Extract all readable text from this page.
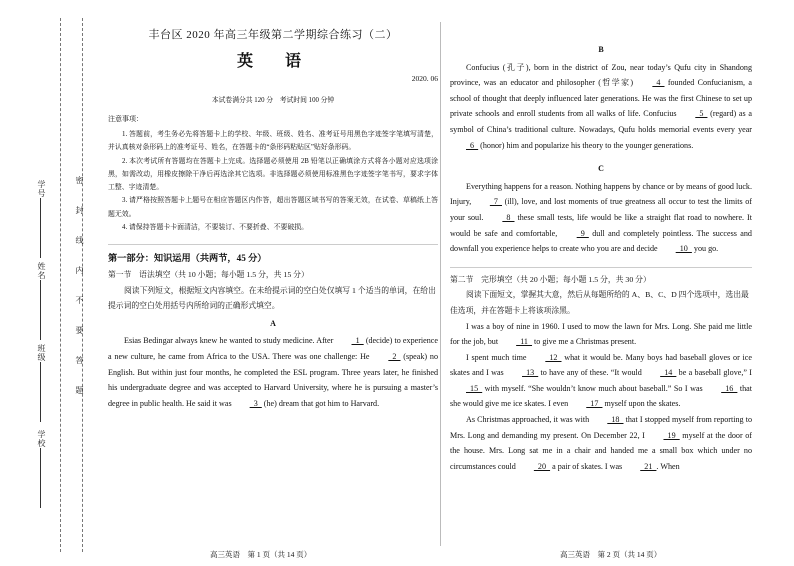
学号
姓名
班级
学校
密封线内不要答题
丰台区 2020 年高三年级第二学期综合练习（二）
英　语
2020. 06
本试卷满分共 120 分　考试时间 100 分钟
注意事项：
1. 答题前，考生务必先将答题卡上的学校、年级、班级、姓名、准考证号用黑色字迹签字笔填写清楚，并认真核对条形码上的准考证号、姓名，在答题卡的“条形码粘贴区”贴好条形码。
2. 本次考试所有答题均在答题卡上完成。选择题必须使用 2B 铅笔以正确填涂方式将各小题对应选项涂黑，如需改动，用橡皮擦除干净后再选涂其它选项。非选择题必须使用标准黑色字迹签字笔书写，要求字体工整、字迹清楚。
3. 请严格按照答题卡上题号在相应答题区内作答，超出答题区域书写的答案无效，在试卷、草稿纸上答题无效。
4. 请保持答题卡卡面清洁，不要装订、不要折叠、不要破损。
第一部分：知识运用（共两节，45 分）
第一节　语法填空（共 10 小题；每小题 1.5 分，共 15 分）
阅读下列短文，根据短文内容填空。在未给提示词的空白处仅填写 1 个适当的单词，在给出提示词的空白处用括号内所给词的正确形式填空。
A
Esias Bedingar always knew he wanted to study medicine. After  1  (decide) to experience a new culture, he came from Africa to the USA. There was one challenge: He  2  (speak) no English. But within just four months, he completed the ESL program. Three years later, he finished his undergraduate degree and was accepted to Harvard University, where he is pursuing a master’s degree in public health. He said it was  3  (he) dream that got him to Harvard.
B
Confucius (孔子), born in the district of Zou, near today’s Qufu city in Shandong province, was an educator and philosopher (哲学家)  4  founded Confucianism, a school of thought that deeply influenced later generations. He was the first Chinese to set up private schools and enroll students from all walks of life. Confucius  5  (regard) as a symbol of China’s traditional culture. Nowadays, Qufu holds memorial events every year  6  (honor) him and popularize his theory to the younger generations.
C
Everything happens for a reason. Nothing happens by chance or by means of good luck. Injury,  7  (ill), love, and lost moments of true greatness all occur to test the limits of your soul.  8  these small tests, life would be like a straight flat road to nowhere. It would be safe and comfortable,  9  dull and completely pointless. The success and downfall you experience helps to create who you are and decide  10  you go.
第二节　完形填空（共 20 小题；每小题 1.5 分，共 30 分）
阅读下面短文，掌握其大意，然后从每题所给的 A、B、C、D 四个选项中，选出最佳选项，并在答题卡上将该项涂黑。
I was a boy of nine in 1960. I used to mow the lawn for Mrs. Long. She paid me little for the job, but  11  to give me a Christmas present.
I spent much time  12  what it would be. Many boys had baseball gloves or ice skates and I was  13  to have any of these. “It would  14  be a baseball glove,” I  15  with myself. “She wouldn’t know much about baseball.” So I was  16  that she would give me ice skates. I even  17  myself upon the skates.
As Christmas approached, it was with  18  that I stopped myself from reporting to Mrs. Long and demanding my present. On December 22, I  19  myself at the door of the house. Mrs. Long sat me in a chair and handed me a small box which under no circumstances could  20  a pair of skates. I was  21 . When
高三英语　第 1 页（共 14 页）	高三英语　第 2 页（共 14 页）
